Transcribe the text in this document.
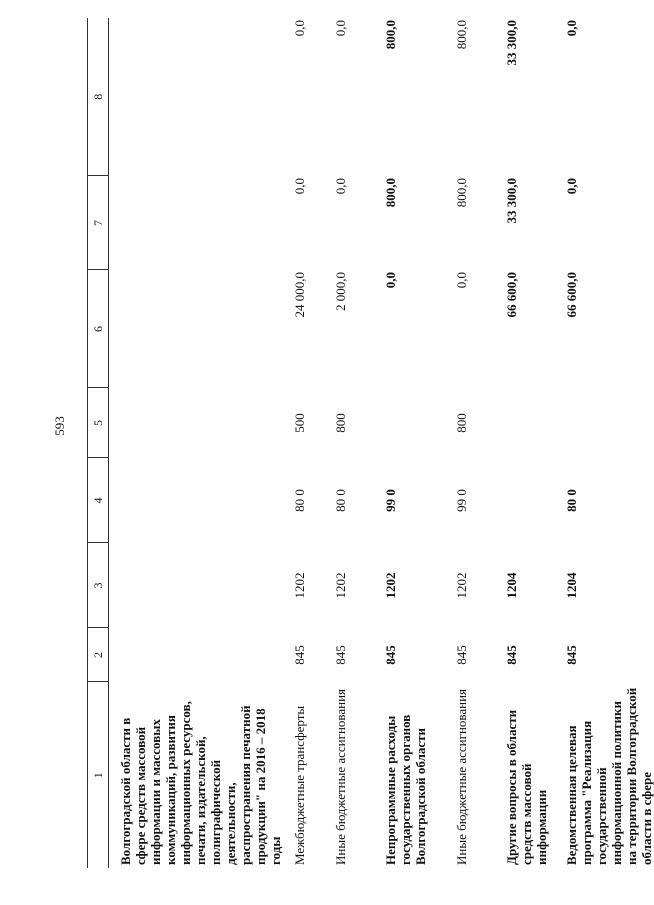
593
1	2	3	4	5	6	7	8
Волгоградской области в сфере средств массовой информации и массовых коммуникаций, развития информационных ресурсов, печати, издательской, полиграфической деятельности, распространения печатной продукции" на 2016 – 2018 годы							
Межбюджетные трансферты	845	1202	80 0	500	24 000,0	0,0	0,0
Иные бюджетные ассигнования	845	1202	80 0	800	2 000,0	0,0	0,0
Непрограммные расходы государственных органов Волгоградской области	845	1202	99 0		0,0	800,0	800,0
Иные бюджетные ассигнования	845	1202	99 0	800	0,0	800,0	800,0
Другие вопросы в области средств массовой информации	845	1204			66 600,0	33 300,0	33 300,0
Ведомственная целевая программа "Реализация государственной информационной политики на территории Волгоградской области в сфере	845	1204	80 0		66 600,0	0,0	0,0
